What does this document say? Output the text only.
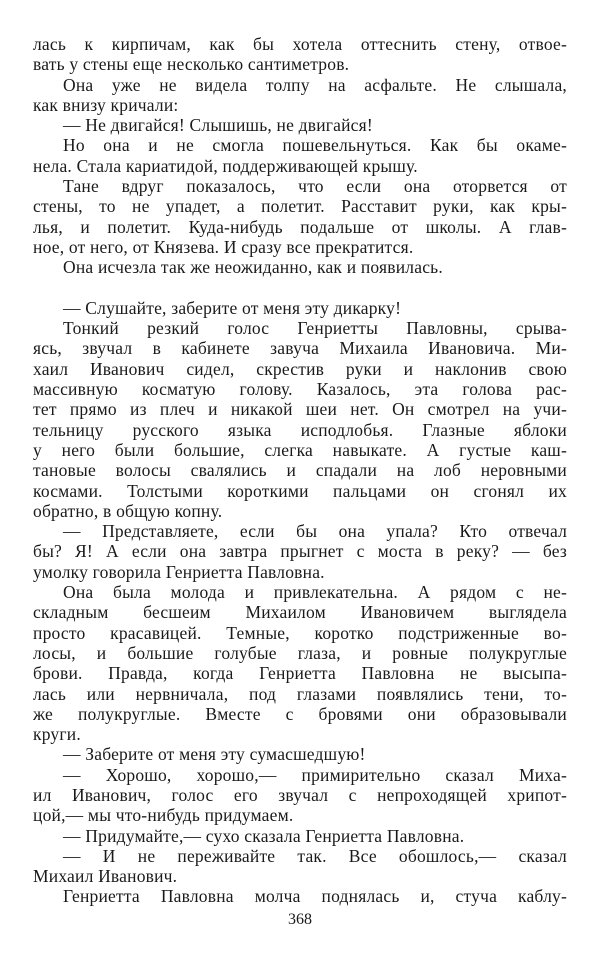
лась к кирпичам, как бы хотела оттеснить стену, отвое-
вать у стены еще несколько сантиметров.
Она уже не видела толпу на асфальте. Не слышала,
как внизу кричали:
— Не двигайся! Слышишь, не двигайся!
Но она и не смогла пошевельнуться. Как бы окаме-
нела. Стала кариатидой, поддерживающей крышу.
Тане вдруг показалось, что если она оторвется от
стены, то не упадет, а полетит. Расставит руки, как кры-
лья, и полетит. Куда-нибудь подальше от школы. А глав-
ное, от него, от Князева. И сразу все прекратится.
Она исчезла так же неожиданно, как и появилась.
— Слушайте, заберите от меня эту дикарку!
Тонкий резкий голос Генриетты Павловны, срыва-
ясь, звучал в кабинете завуча Михаила Ивановича. Ми-
хаил Иванович сидел, скрестив руки и наклонив свою
массивную косматую голову. Казалось, эта голова рас-
тет прямо из плеч и никакой шеи нет. Он смотрел на учи-
тельницу русского языка исподлобья. Глазные яблоки
у него были большие, слегка навыкате. А густые каш-
тановые волосы свалялись и спадали на лоб неровными
космами. Толстыми короткими пальцами он сгонял их
обратно, в общую копну.
— Представляете, если бы она упала? Кто отвечал
бы? Я! А если она завтра прыгнет с моста в реку? — без
умолку говорила Генриетта Павловна.
Она была молода и привлекательна. А рядом с не-
складным бесшеим Михаилом Ивановичем выглядела
просто красавицей. Темные, коротко подстриженные во-
лосы, и большие голубые глаза, и ровные полукруглые
брови. Правда, когда Генриетта Павловна не высыпа-
лась или нервничала, под глазами появлялись тени, то-
же полукруглые. Вместе с бровями они образовывали
круги.
— Заберите от меня эту сумасшедшую!
— Хорошо, хорошо,— примирительно сказал Миха-
ил Иванович, голос его звучал с непроходящей хрипот-
цой,— мы что-нибудь придумаем.
— Придумайте,— сухо сказала Генриетта Павловна.
— И не переживайте так. Все обошлось,— сказал
Михаил Иванович.
Генриетта Павловна молча поднялась и, стуча каблу-
368
